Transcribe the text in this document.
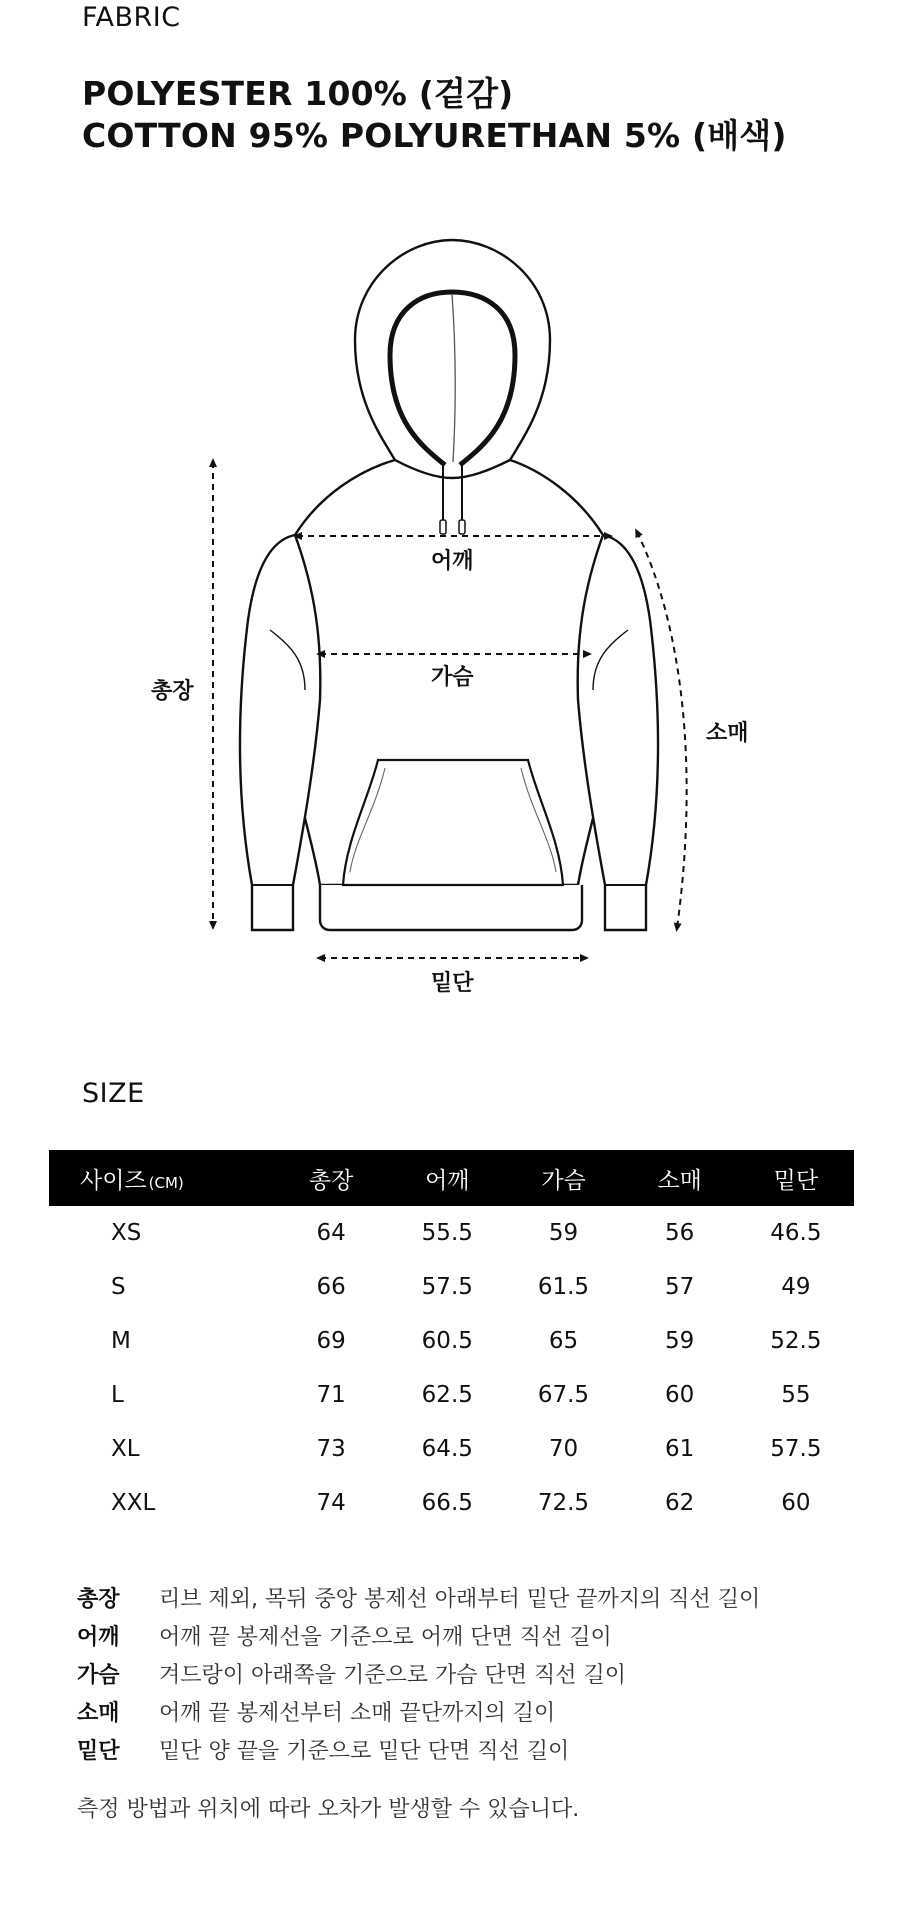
FABRIC
POLYESTER 100% (겉감)
COTTON 95% POLYURETHAN 5% (배색)
총장
어깨
가슴
소매
밑단
SIZE
사이즈 (CM)	총장	어깨	가슴	소매	밑단
XS	64	55.5	59	56	46.5
S	66	57.5	61.5	57	49
M	69	60.5	65	59	52.5
L	71	62.5	67.5	60	55
XL	73	64.5	70	61	57.5
XXL	74	66.5	72.5	62	60
총장	리브 제외, 목뒤 중앙 봉제선 아래부터 밑단 끝까지의 직선 길이
어깨	어깨 끝 봉제선을 기준으로 어깨 단면 직선 길이
가슴	겨드랑이 아래쪽을 기준으로 가슴 단면 직선 길이
소매	어깨 끝 봉제선부터 소매 끝단까지의 길이
밑단	밑단 양 끝을 기준으로 밑단 단면 직선 길이
측정 방법과 위치에 따라 오차가 발생할 수 있습니다.
